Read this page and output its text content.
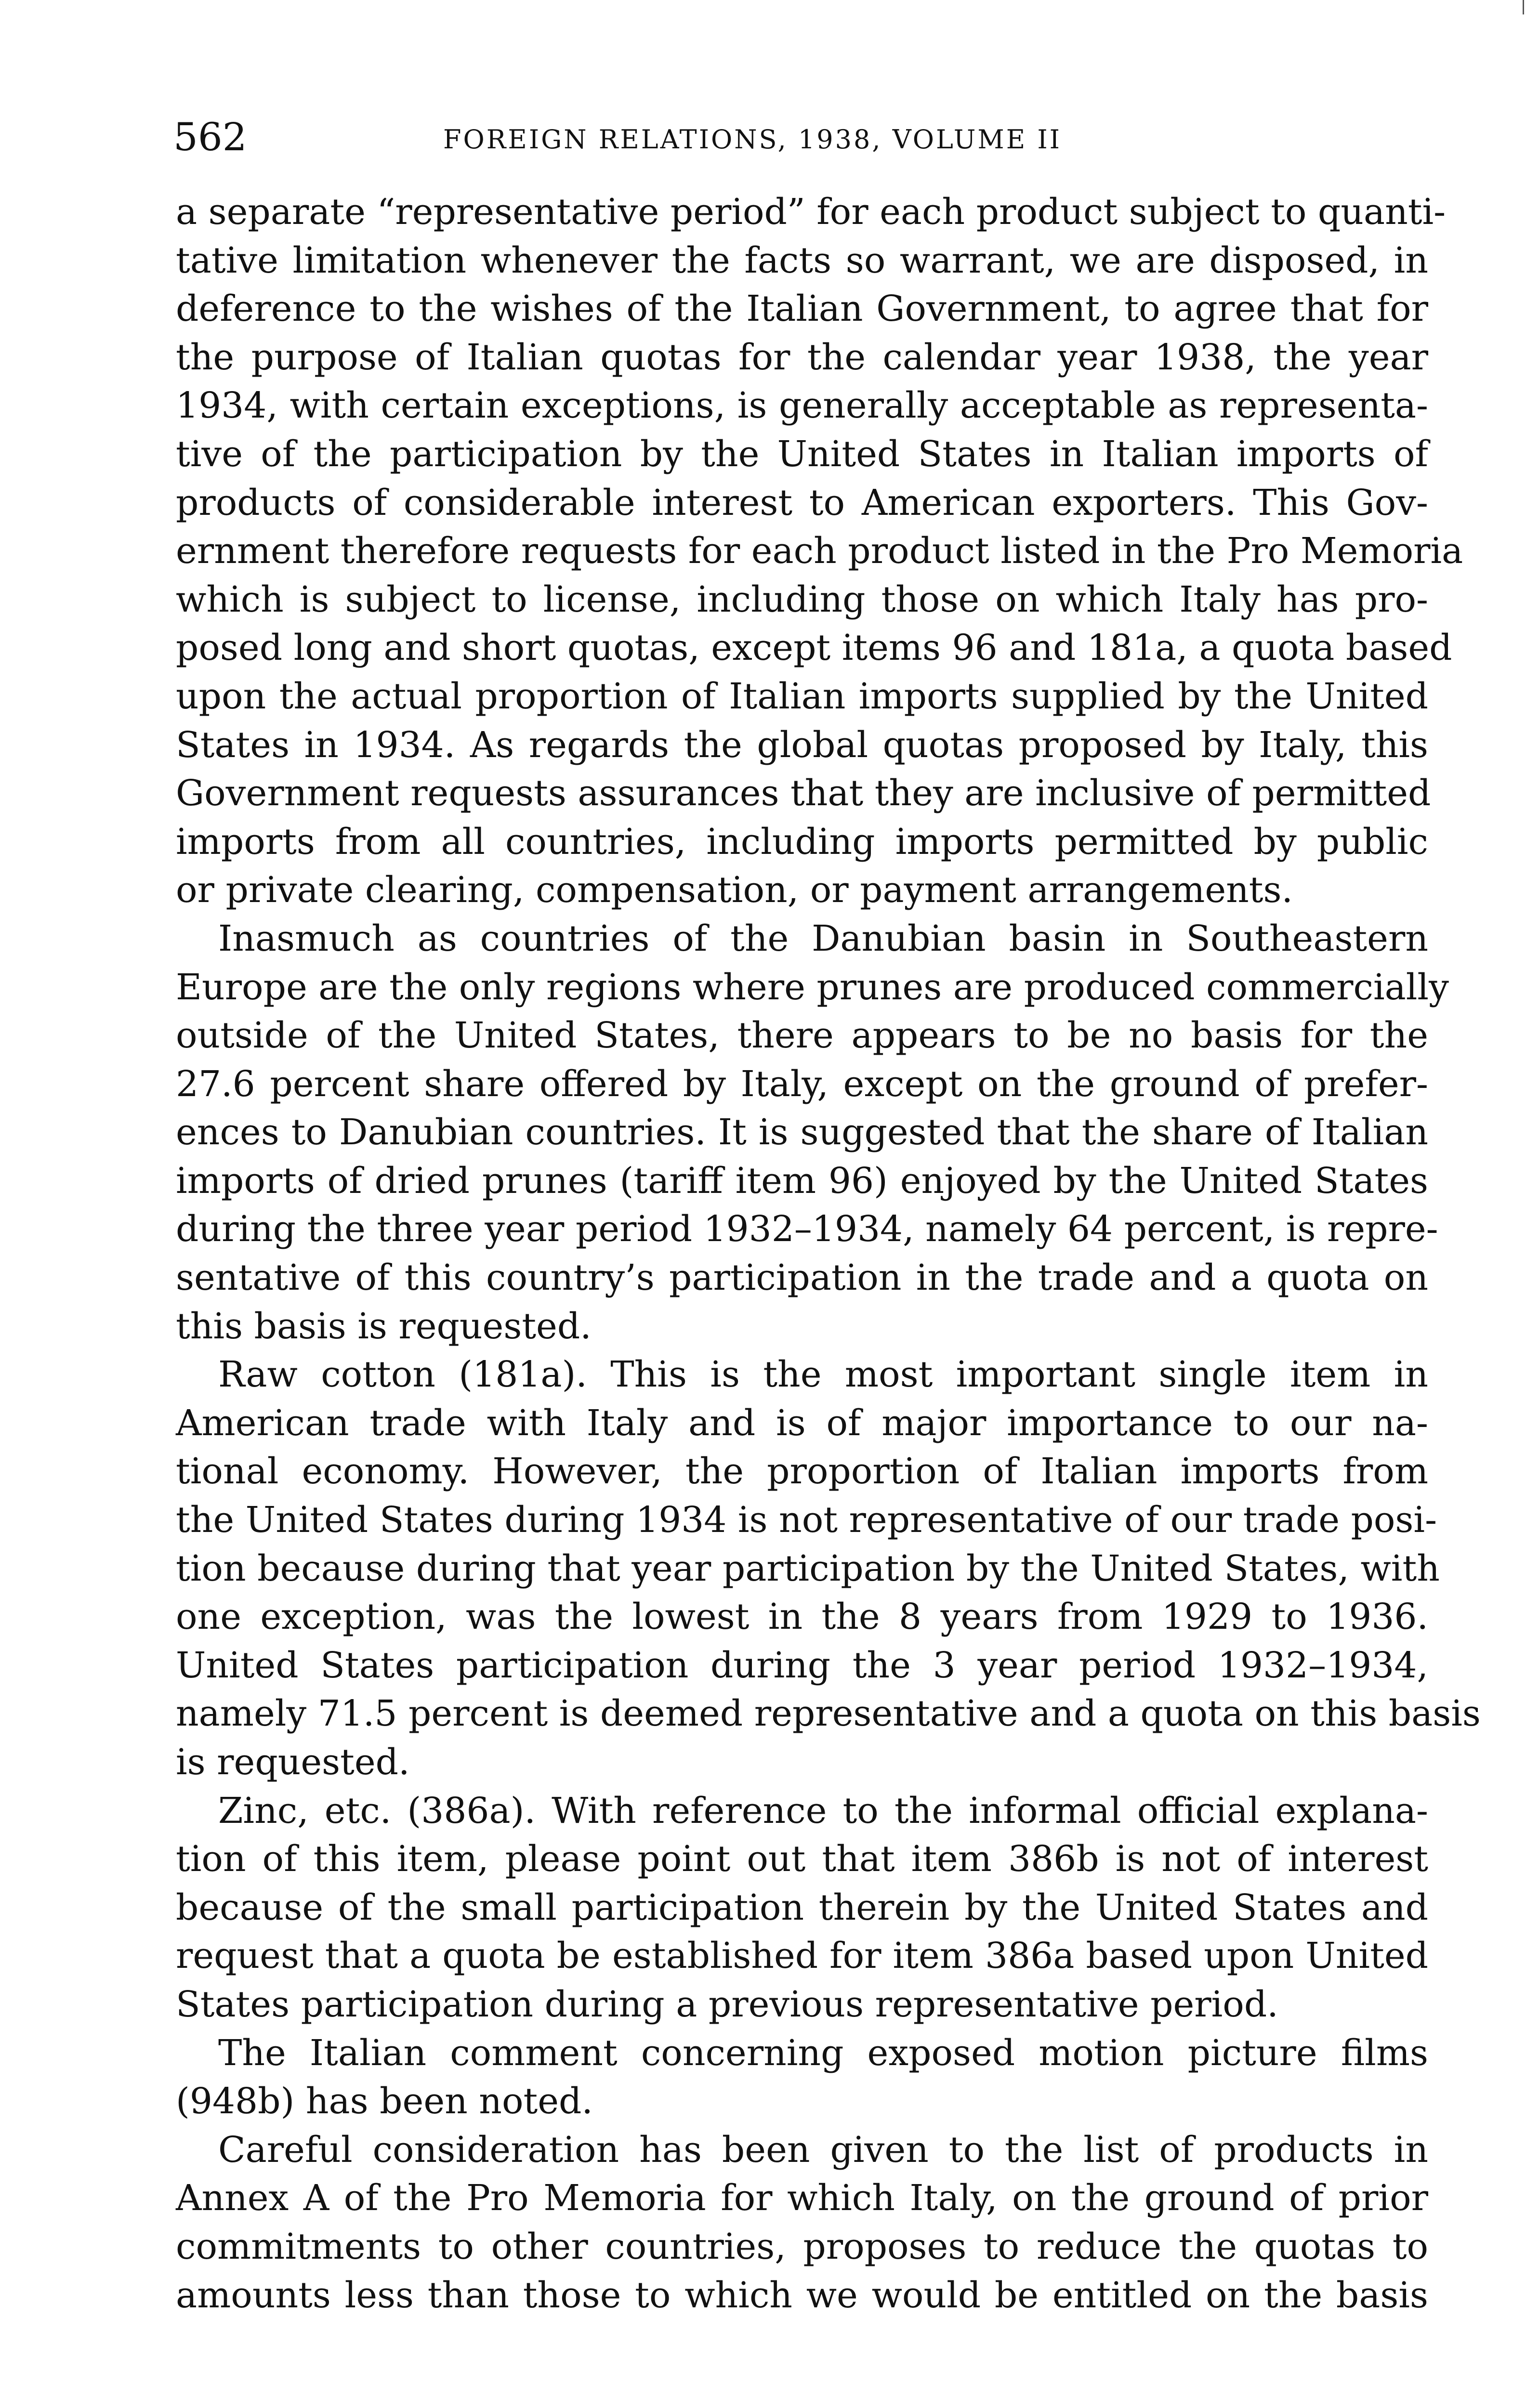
562	FOREIGN RELATIONS, 1938, VOLUME II
a separate “representative period” for each product subject to quanti-
tative limitation whenever the facts so warrant, we are disposed, in
deference to the wishes of the Italian Government, to agree that for
the purpose of Italian quotas for the calendar year 1938, the year
1934, with certain exceptions, is generally acceptable as representa-
tive of the participation by the United States in Italian imports of
products of considerable interest to American exporters. This Gov-
ernment therefore requests for each product listed in the Pro Memoria
which is subject to license, including those on which Italy has pro-
posed long and short quotas, except items 96 and 181a, a quota based
upon the actual proportion of Italian imports supplied by the United
States in 1934. As regards the global quotas proposed by Italy, this
Government requests assurances that they are inclusive of permitted
imports from all countries, including imports permitted by public
or private clearing, compensation, or payment arrangements.
Inasmuch as countries of the Danubian basin in Southeastern
Europe are the only regions where prunes are produced commercially
outside of the United States, there appears to be no basis for the
27.6 percent share offered by Italy, except on the ground of prefer-
ences to Danubian countries. It is suggested that the share of Italian
imports of dried prunes (tariff item 96) enjoyed by the United States
during the three year period 1932–1934, namely 64 percent, is repre-
sentative of this country’s participation in the trade and a quota on
this basis is requested.
Raw cotton (181a). This is the most important single item in
American trade with Italy and is of major importance to our na-
tional economy. However, the proportion of Italian imports from
the United States during 1934 is not representative of our trade posi-
tion because during that year participation by the United States, with
one exception, was the lowest in the 8 years from 1929 to 1936.
United States participation during the 3 year period 1932–1934,
namely 71.5 percent is deemed representative and a quota on this basis
is requested.
Zinc, etc. (386a). With reference to the informal official explana-
tion of this item, please point out that item 386b is not of interest
because of the small participation therein by the United States and
request that a quota be established for item 386a based upon United
States participation during a previous representative period.
The Italian comment concerning exposed motion picture films
(948b) has been noted.
Careful consideration has been given to the list of products in
Annex A of the Pro Memoria for which Italy, on the ground of prior
commitments to other countries, proposes to reduce the quotas to
amounts less than those to which we would be entitled on the basis
